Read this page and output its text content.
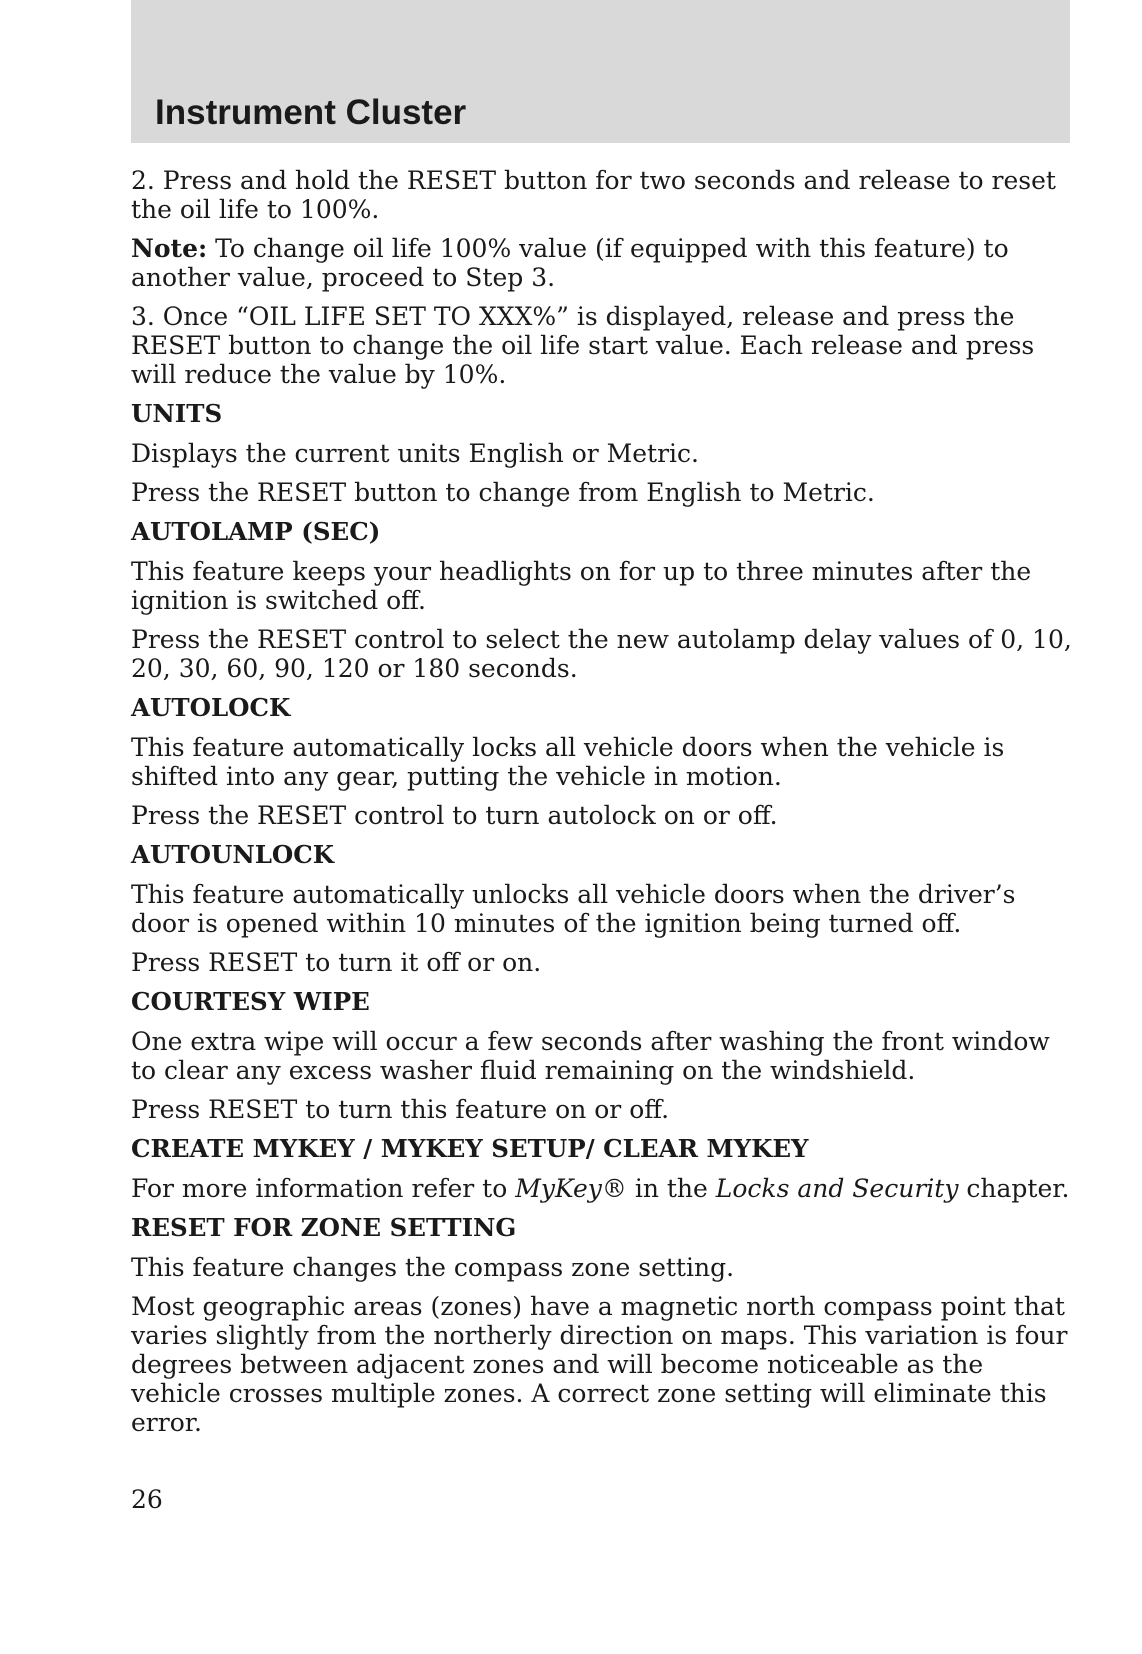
Instrument Cluster

2. Press and hold the RESET button for two seconds and release to reset the oil life to 100%.

Note: To change oil life 100% value (if equipped with this feature) to another value, proceed to Step 3.

3. Once “OIL LIFE SET TO XXX%” is displayed, release and press the RESET button to change the oil life start value. Each release and press will reduce the value by 10%.

UNITS

Displays the current units English or Metric.

Press the RESET button to change from English to Metric.

AUTOLAMP (SEC)

This feature keeps your headlights on for up to three minutes after the ignition is switched off.

Press the RESET control to select the new autolamp delay values of 0, 10, 20, 30, 60, 90, 120 or 180 seconds.

AUTOLOCK

This feature automatically locks all vehicle doors when the vehicle is shifted into any gear, putting the vehicle in motion.

Press the RESET control to turn autolock on or off.

AUTOUNLOCK

This feature automatically unlocks all vehicle doors when the driver’s door is opened within 10 minutes of the ignition being turned off.

Press RESET to turn it off or on.

COURTESY WIPE

One extra wipe will occur a few seconds after washing the front window to clear any excess washer fluid remaining on the windshield.

Press RESET to turn this feature on or off.

CREATE MYKEY / MYKEY SETUP/ CLEAR MYKEY

For more information refer to MyKey® in the Locks and Security chapter.

RESET FOR ZONE SETTING

This feature changes the compass zone setting.

Most geographic areas (zones) have a magnetic north compass point that varies slightly from the northerly direction on maps. This variation is four degrees between adjacent zones and will become noticeable as the vehicle crosses multiple zones. A correct zone setting will eliminate this error.

26
